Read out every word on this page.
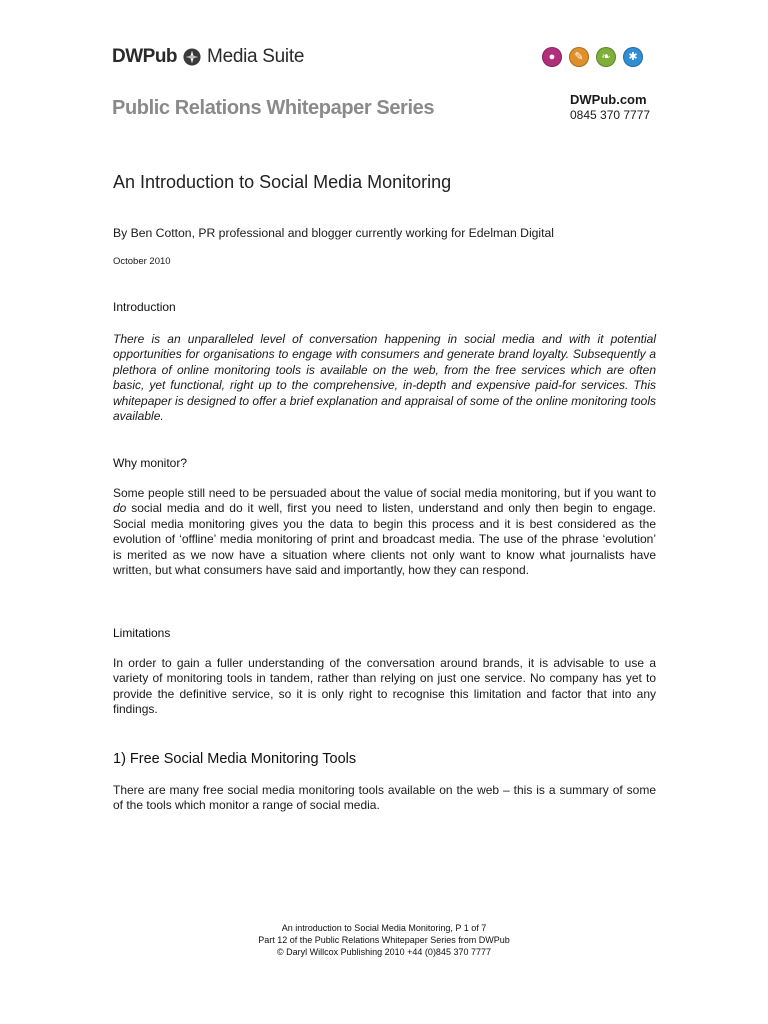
DWPub Media Suite	●	✎	❧	✱
Public Relations Whitepaper Series	DWPub.com
0845 370 7777
An Introduction to Social Media Monitoring
By Ben Cotton, PR professional and blogger currently working for Edelman Digital
October 2010
Introduction
There is an unparalleled level of conversation happening in social media and with it potential opportunities for organisations to engage with consumers and generate brand loyalty. Subsequently a plethora of online monitoring tools is available on the web, from the free services which are often basic, yet functional, right up to the comprehensive, in-depth and expensive paid-for services. This whitepaper is designed to offer a brief explanation and appraisal of some of the online monitoring tools available.
Why monitor?
Some people still need to be persuaded about the value of social media monitoring, but if you want to do social media and do it well, first you need to listen, understand and only then begin to engage. Social media monitoring gives you the data to begin this process and it is best considered as the evolution of ‘offline’ media monitoring of print and broadcast media. The use of the phrase ‘evolution’ is merited as we now have a situation where clients not only want to know what journalists have written, but what consumers have said and importantly, how they can respond.
Limitations
In order to gain a fuller understanding of the conversation around brands, it is advisable to use a variety of monitoring tools in tandem, rather than relying on just one service. No company has yet to provide the definitive service, so it is only right to recognise this limitation and factor that into any findings.
1) Free Social Media Monitoring Tools
There are many free social media monitoring tools available on the web – this is a summary of some of the tools which monitor a range of social media.
An introduction to Social Media Monitoring, P 1 of 7
Part 12 of the Public Relations Whitepaper Series from DWPub
© Daryl Willcox Publishing 2010 +44 (0)845 370 7777
